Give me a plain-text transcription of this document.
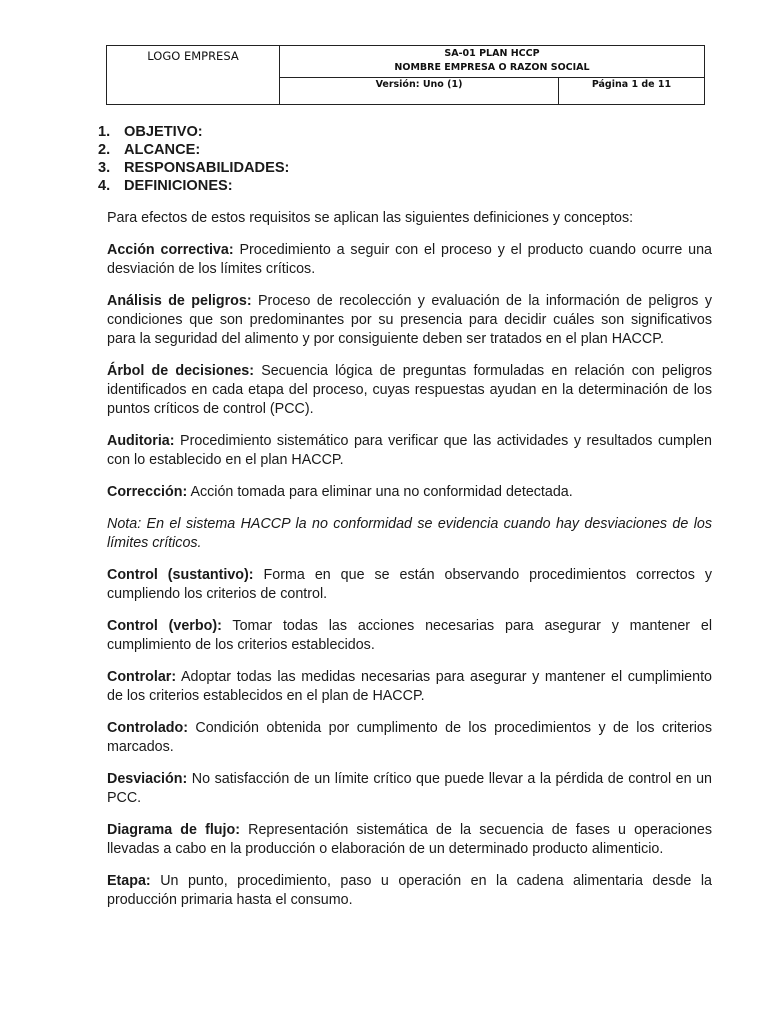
LOGO EMPRESA	SA-01 PLAN HCCP
NOMBRE EMPRESA O RAZON SOCIAL	

	Versión: Uno (1)	Página 1 de 11
1. OBJETIVO:
2. ALCANCE:
3. RESPONSABILIDADES:
4. DEFINICIONES:

Para efectos de estos requisitos se aplican las siguientes definiciones y conceptos:

Acción correctiva: Procedimiento a seguir con el proceso y el producto cuando ocurre una desviación de los límites críticos.

Análisis de peligros: Proceso de recolección y evaluación de la información de peligros y condiciones que son predominantes por su presencia para decidir cuáles son significativos para la seguridad del alimento y por consiguiente deben ser tratados en el plan HACCP.

Árbol de decisiones: Secuencia lógica de preguntas formuladas en relación con peligros identificados en cada etapa del proceso, cuyas respuestas ayudan en la determinación de los puntos críticos de control (PCC).

Auditoria: Procedimiento sistemático para verificar que las actividades y resultados cumplen con lo establecido en el plan HACCP.

Corrección: Acción tomada para eliminar una no conformidad detectada.

Nota: En el sistema HACCP la no conformidad se evidencia cuando hay desviaciones de los límites críticos.

Control (sustantivo): Forma en que se están observando procedimientos correctos y cumpliendo los criterios de control.

Control (verbo): Tomar todas las acciones necesarias para asegurar y mantener el cumplimiento de los criterios establecidos.

Controlar: Adoptar todas las medidas necesarias para asegurar y mantener el cumplimiento de los criterios establecidos en el plan de HACCP.

Controlado: Condición obtenida por cumplimento de los procedimientos y de los criterios marcados.

Desviación: No satisfacción de un límite crítico que puede llevar a la pérdida de control en un PCC.

Diagrama de flujo: Representación sistemática de la secuencia de fases u operaciones llevadas a cabo en la producción o elaboración de un determinado producto alimenticio.

Etapa: Un punto, procedimiento, paso u operación en la cadena alimentaria desde la producción primaria hasta el consumo.
